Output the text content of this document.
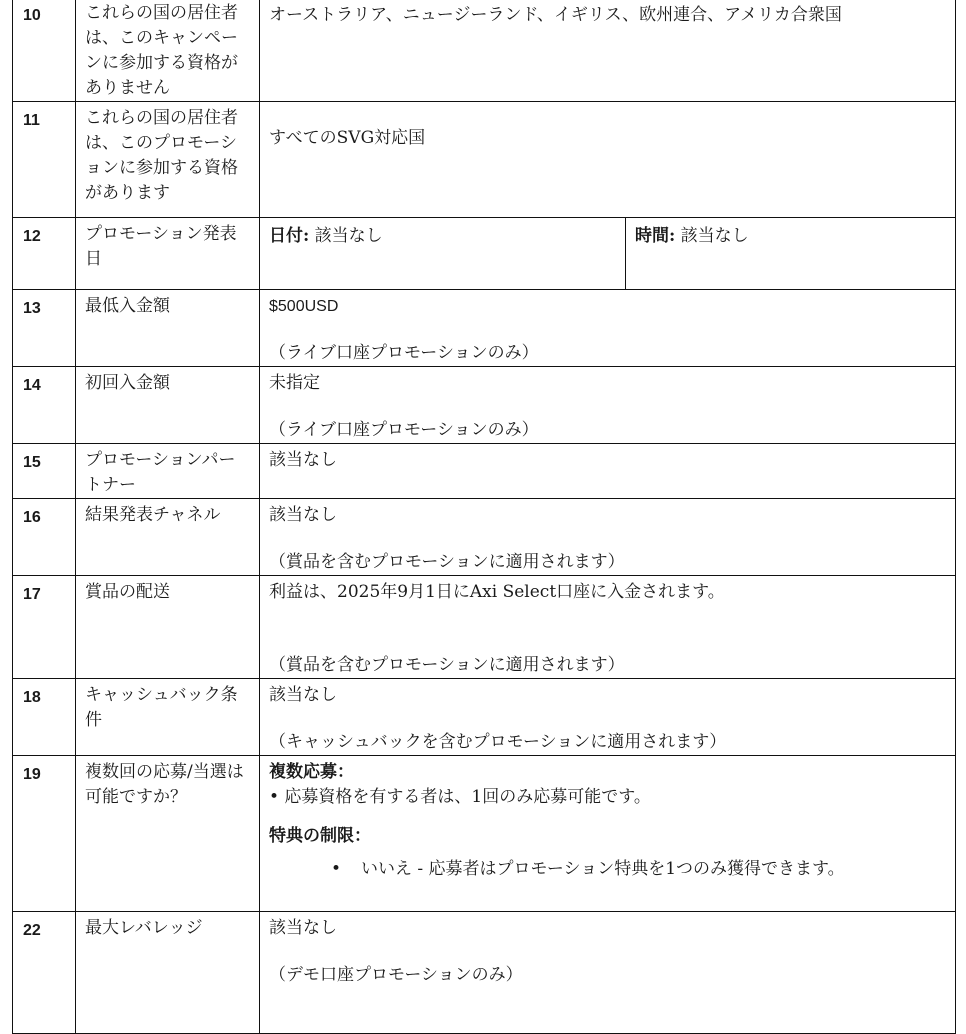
10	これらの国の居住者は、このキャンペーンに参加する資格がありません	オーストラリア、ニュージーランド、イギリス、欧州連合、アメリカ合衆国	
11	これらの国の居住者は、このプロモーションに参加する資格があります	すべてのSVG対応国	
12	プロモーション発表日	日付: 該当なし	時間: 該当なし
13	最低入金額	$500USD
（ライブ口座プロモーションのみ）	

14	初回入金額	未指定
（ライブ口座プロモーションのみ）	

15	プロモーションパートナー	該当なし	
16	結果発表チャネル	該当なし
（賞品を含むプロモーションに適用されます）	

17	賞品の配送	利益は、2025年9月1日にAxi Select口座に入金されます。
（賞品を含むプロモーションに適用されます）	

18	キャッシュバック条件	該当なし
（キャッシュバックを含むプロモーションに適用されます）	

19	複数回の応募/当選は可能ですか？	複数応募：
• 応募資格を有する者は、1回のみ応募可能です。
特典の制限：
• いいえ - 応募者はプロモーション特典を1つのみ獲得できます。	

22	最大レバレッジ	該当なし
（デモ口座プロモーションのみ）	
